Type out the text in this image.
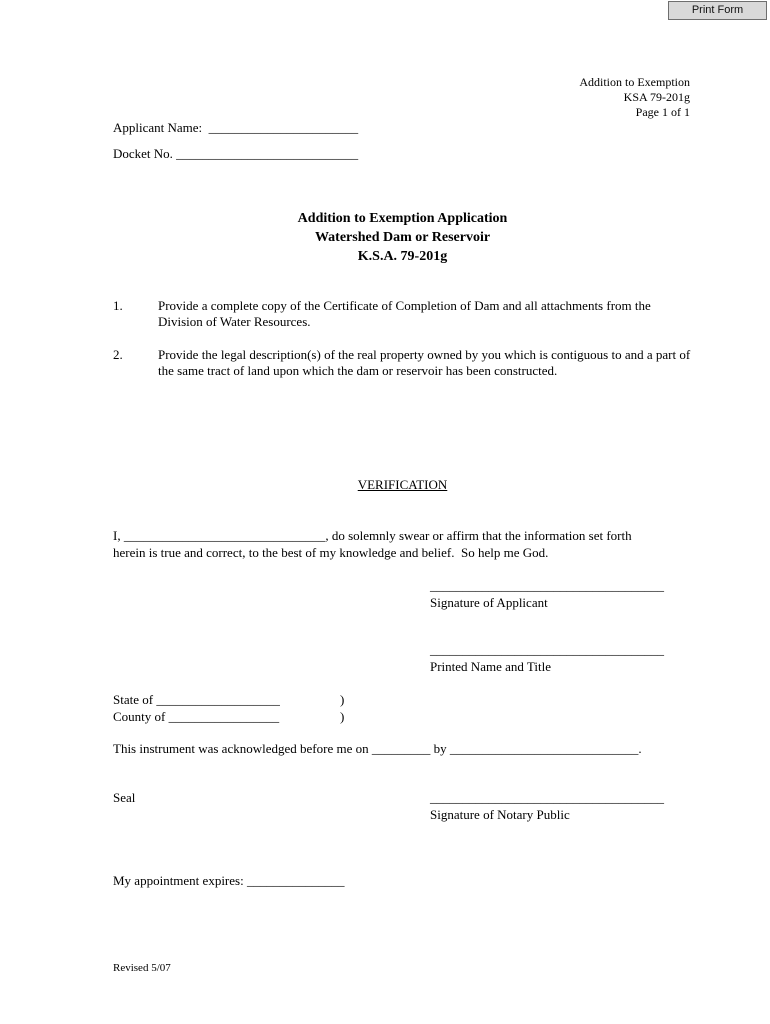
Print Form
Addition to Exemption
KSA 79-201g
Page 1 of 1
Applicant Name:  _______________________
Docket No. ____________________________
Addition to Exemption Application
Watershed Dam or Reservoir
K.S.A. 79-201g
1.	Provide a complete copy of the Certificate of Completion of Dam and all attachments from the Division of Water Resources.
2.	Provide the legal description(s) of the real property owned by you which is contiguous to and a part of the same tract of land upon which the dam or reservoir has been constructed.
VERIFICATION
I, _______________________________, do solemnly swear or affirm that the information set forth
herein is true and correct, to the best of my knowledge and belief.  So help me God.
____________________________________
Signature of Applicant
____________________________________
Printed Name and Title
State of ___________________	)
County of _________________	)
This instrument was acknowledged before me on _________ by _____________________________.
Seal	____________________________________
Signature of Notary Public
My appointment expires: _______________
Revised 5/07
